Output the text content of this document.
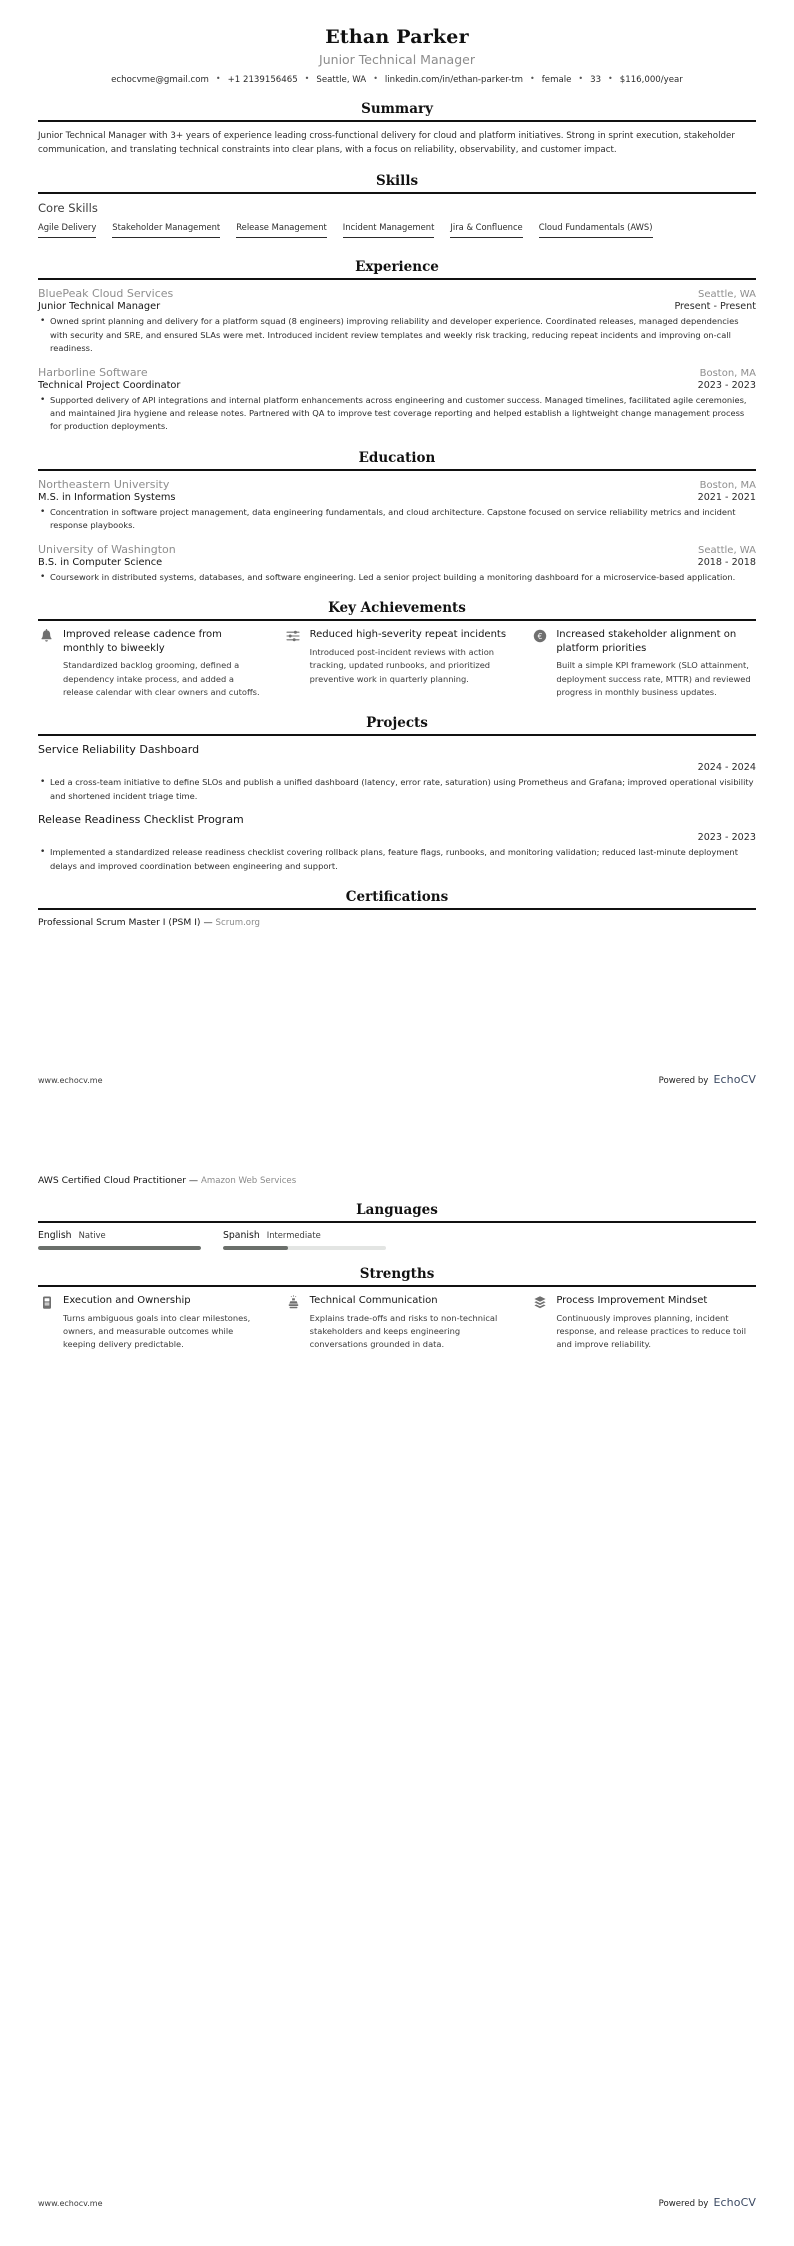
Ethan Parker
Junior Technical Manager
echocvme@gmail.com • +1 2139156465 • Seattle, WA • linkedin.com/in/ethan-parker-tm • female • 33 • $116,000/year
Summary
Junior Technical Manager with 3+ years of experience leading cross-functional delivery for cloud and platform initiatives. Strong in sprint execution, stakeholder communication, and translating technical constraints into clear plans, with a focus on reliability, observability, and customer impact.
Skills
Core Skills
Agile Delivery Stakeholder Management Release Management Incident Management Jira & Confluence Cloud Fundamentals (AWS)
Experience
BluePeak Cloud Services	Seattle, WA
Junior Technical Manager	Present - Present
• Owned sprint planning and delivery for a platform squad (8 engineers) improving reliability and developer experience. Coordinated releases, managed dependencies with security and SRE, and ensured SLAs were met. Introduced incident review templates and weekly risk tracking, reducing repeat incidents and improving on-call readiness.
Harborline Software	Boston, MA
Technical Project Coordinator	2023 - 2023
• Supported delivery of API integrations and internal platform enhancements across engineering and customer success. Managed timelines, facilitated agile ceremonies, and maintained Jira hygiene and release notes. Partnered with QA to improve test coverage reporting and helped establish a lightweight change management process for production deployments.
Education
Northeastern University	Boston, MA
M.S. in Information Systems	2021 - 2021
• Concentration in software project management, data engineering fundamentals, and cloud architecture. Capstone focused on service reliability metrics and incident response playbooks.
University of Washington	Seattle, WA
B.S. in Computer Science	2018 - 2018
• Coursework in distributed systems, databases, and software engineering. Led a senior project building a monitoring dashboard for a microservice-based application.
Key Achievements
Improved release cadence from monthly to biweekly
Standardized backlog grooming, defined a dependency intake process, and added a release calendar with clear owners and cutoffs.
Reduced high-severity repeat incidents
Introduced post-incident reviews with action tracking, updated runbooks, and prioritized preventive work in quarterly planning.
€ Increased stakeholder alignment on platform priorities
Built a simple KPI framework (SLO attainment, deployment success rate, MTTR) and reviewed progress in monthly business updates.
Projects
Service Reliability Dashboard
2024 - 2024
• Led a cross-team initiative to define SLOs and publish a unified dashboard (latency, error rate, saturation) using Prometheus and Grafana; improved operational visibility and shortened incident triage time.
Release Readiness Checklist Program
2023 - 2023
• Implemented a standardized release readiness checklist covering rollback plans, feature flags, runbooks, and monitoring validation; reduced last-minute deployment delays and improved coordination between engineering and support.
Certifications
Professional Scrum Master I (PSM I) — Scrum.org
www.echocv.me	Powered by EchoCV
AWS Certified Cloud Practitioner — Amazon Web Services
Languages
English Native	Spanish Intermediate
Strengths
Execution and Ownership
Turns ambiguous goals into clear milestones, owners, and measurable outcomes while keeping delivery predictable.
Technical Communication
Explains trade-offs and risks to non-technical stakeholders and keeps engineering conversations grounded in data.
Process Improvement Mindset
Continuously improves planning, incident response, and release practices to reduce toil and improve reliability.
www.echocv.me	Powered by EchoCV
